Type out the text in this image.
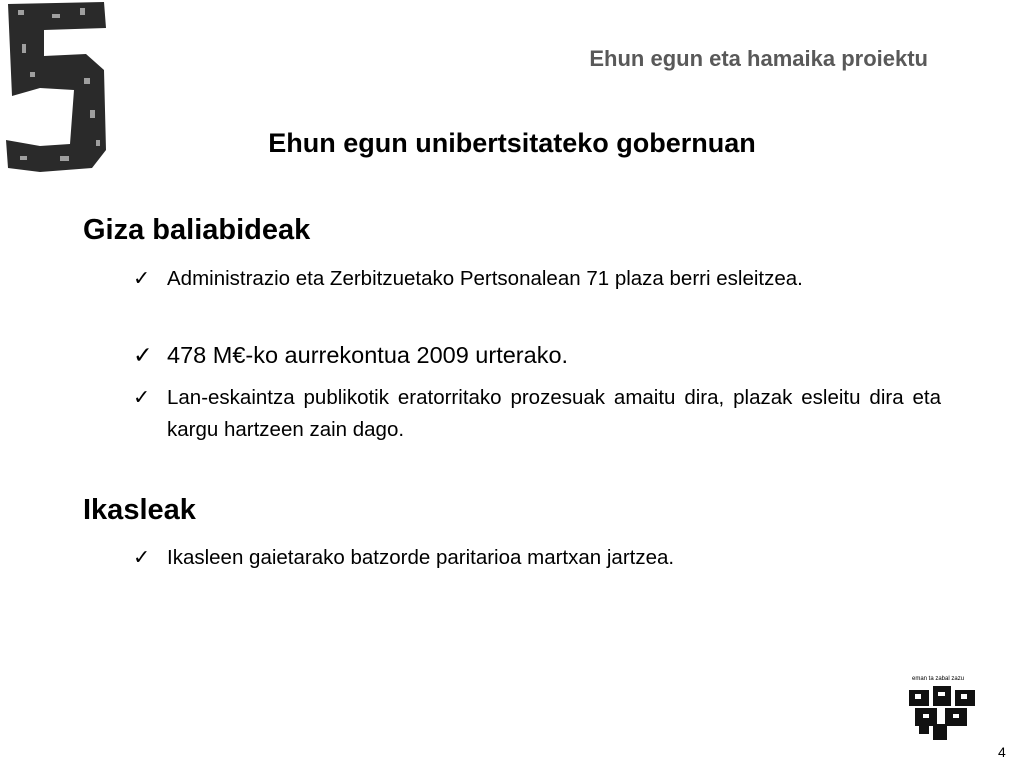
Ehun egun eta hamaika proiektu
Ehun egun unibertsitateko gobernuan
Giza baliabideak
✓ Administrazio eta Zerbitzuetako Pertsonalean 71 plaza berri esleitzea.
✓ 478 M€-ko aurrekontua 2009 urterako.
✓ Lan-eskaintza publikotik eratorritako prozesuak amaitu dira, plazak esleitu dira eta kargu hartzeen zain dago.
Ikasleak
✓ Ikasleen gaietarako batzorde paritarioa martxan jartzea.
eman ta zabal zazu
4
